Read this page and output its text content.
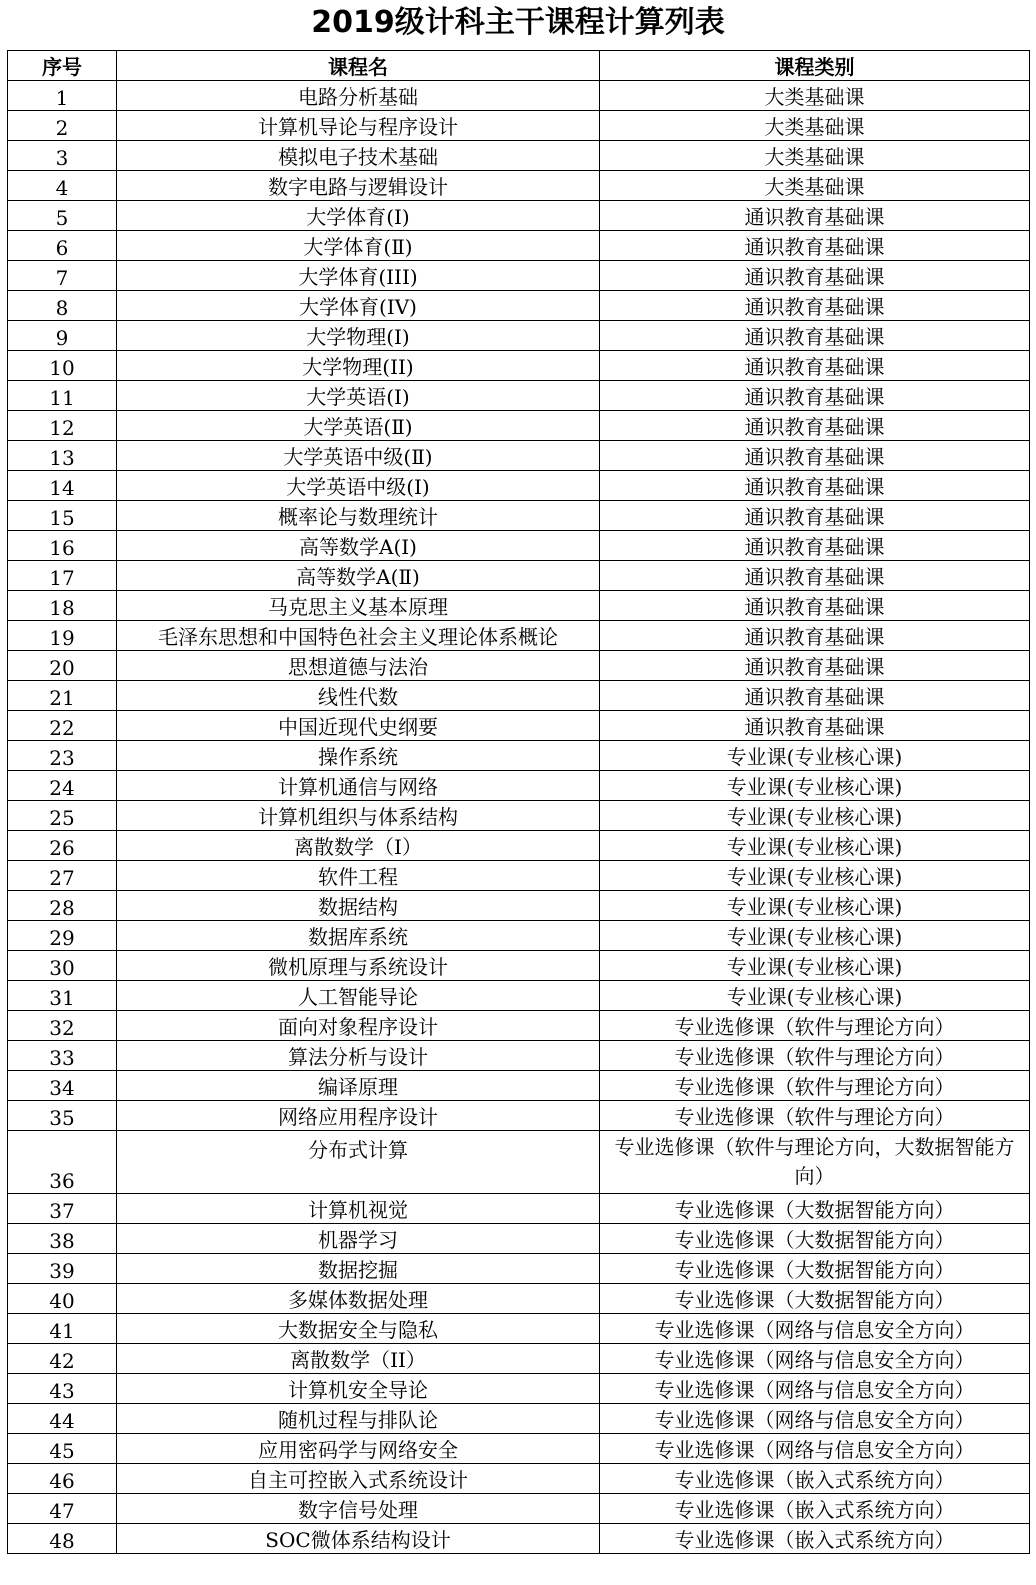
2019级计科主干课程计算列表
序号	课程名	课程类别
1	电路分析基础	大类基础课
2	计算机导论与程序设计	大类基础课
3	模拟电子技术基础	大类基础课
4	数字电路与逻辑设计	大类基础课
5	大学体育(Ⅰ)	通识教育基础课
6	大学体育(Ⅱ)	通识教育基础课
7	大学体育(III)	通识教育基础课
8	大学体育(IV)	通识教育基础课
9	大学物理(Ⅰ)	通识教育基础课
10	大学物理(II)	通识教育基础课
11	大学英语(Ⅰ)	通识教育基础课
12	大学英语(Ⅱ)	通识教育基础课
13	大学英语中级(Ⅱ)	通识教育基础课
14	大学英语中级(I)	通识教育基础课
15	概率论与数理统计	通识教育基础课
16	高等数学A(Ⅰ)	通识教育基础课
17	高等数学A(Ⅱ)	通识教育基础课
18	马克思主义基本原理	通识教育基础课
19	毛泽东思想和中国特色社会主义理论体系概论	通识教育基础课
20	思想道德与法治	通识教育基础课
21	线性代数	通识教育基础课
22	中国近现代史纲要	通识教育基础课
23	操作系统	专业课(专业核心课)
24	计算机通信与网络	专业课(专业核心课)
25	计算机组织与体系结构	专业课(专业核心课)
26	离散数学（I）	专业课(专业核心课)
27	软件工程	专业课(专业核心课)
28	数据结构	专业课(专业核心课)
29	数据库系统	专业课(专业核心课)
30	微机原理与系统设计	专业课(专业核心课)
31	人工智能导论	专业课(专业核心课)
32	面向对象程序设计	专业选修课（软件与理论方向）
33	算法分析与设计	专业选修课（软件与理论方向）
34	编译原理	专业选修课（软件与理论方向）
35	网络应用程序设计	专业选修课（软件与理论方向）
36	分布式计算	专业选修课（软件与理论方向，大数据智能方向）
37	计算机视觉	专业选修课（大数据智能方向）
38	机器学习	专业选修课（大数据智能方向）
39	数据挖掘	专业选修课（大数据智能方向）
40	多媒体数据处理	专业选修课（大数据智能方向）
41	大数据安全与隐私	专业选修课（网络与信息安全方向）
42	离散数学（II）	专业选修课（网络与信息安全方向）
43	计算机安全导论	专业选修课（网络与信息安全方向）
44	随机过程与排队论	专业选修课（网络与信息安全方向）
45	应用密码学与网络安全	专业选修课（网络与信息安全方向）
46	自主可控嵌入式系统设计	专业选修课（嵌入式系统方向）
47	数字信号处理	专业选修课（嵌入式系统方向）
48	SOC微体系结构设计	专业选修课（嵌入式系统方向）
